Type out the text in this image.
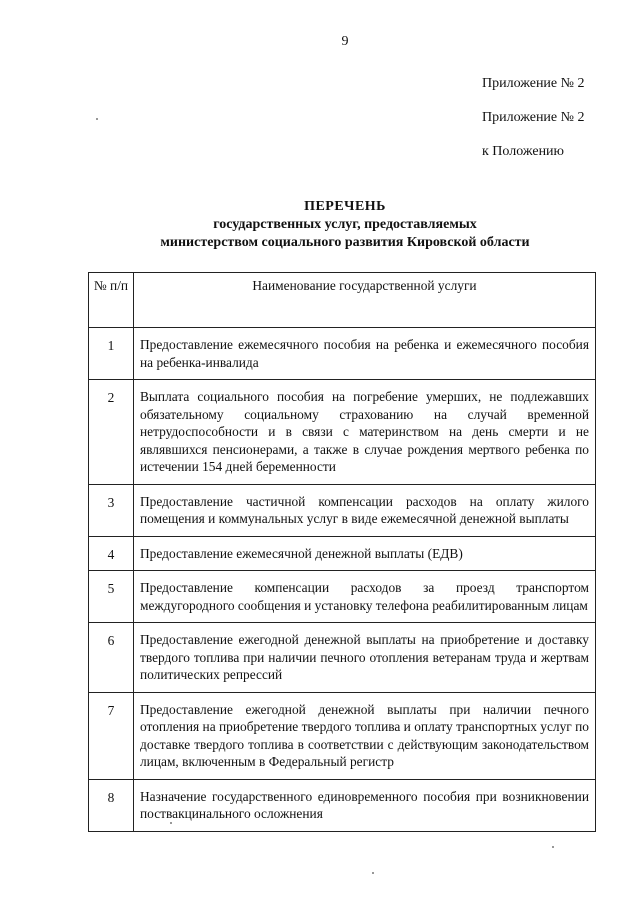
9
Приложение № 2
Приложение № 2
к Положению
ПЕРЕЧЕНЬ
государственных услуг, предоставляемых
министерством социального развития Кировской области
№ п/п	Наименование государственной услуги
1	Предоставление ежемесячного пособия на ребенка и ежемесячного пособия на ребенка-инвалида
2	Выплата социального пособия на погребение умерших, не подлежавших обязательному социальному страхованию на случай временной нетрудоспособности и в связи с материнством на день смерти и не являвшихся пенсионерами, а также в случае рождения мертвого ребенка по истечении 154 дней беременности
3	Предоставление частичной компенсации расходов на оплату жилого помещения и коммунальных услуг в виде ежемесячной денежной выплаты
4	Предоставление ежемесячной денежной выплаты (ЕДВ)
5	Предоставление компенсации расходов за проезд транспортом междугородного сообщения и установку телефона реабилитированным лицам
6	Предоставление ежегодной денежной выплаты на приобретение и доставку твердого топлива при наличии печного отопления ветеранам труда и жертвам политических репрессий
7	Предоставление ежегодной денежной выплаты при наличии печного отопления на приобретение твердого топлива и оплату транспортных услуг по доставке твердого топлива в соответствии с действующим законодательством лицам, включенным в Федеральный регистр
8	Назначение государственного единовременного пособия при возникновении поствакцинального осложнения
